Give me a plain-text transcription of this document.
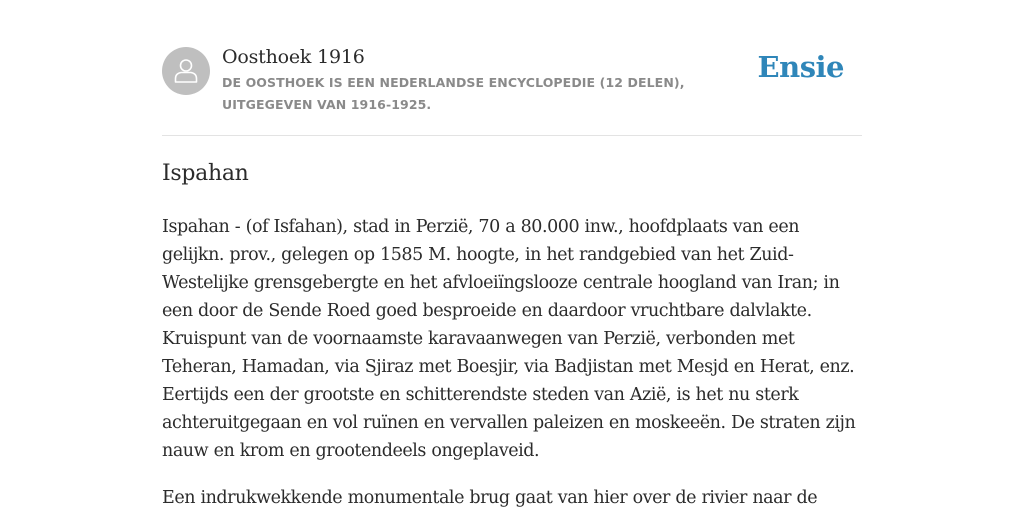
Oosthoek 1916
DE OOSTHOEK IS EEN NEDERLANDSE ENCYCLOPEDIE (12 DELEN), UITGEGEVEN VAN 1916-1925.
Ensie
Ispahan

Ispahan - (of Isfahan), stad in Perzië, 70 a 80.000 inw., hoofdplaats van een gelijkn. prov., gelegen op 1585 M. hoogte, in het randgebied van het Zuid-Westelijke grensgebergte en het afvloeiïngslooze centrale hoogland van Iran; in een door de Sende Roed goed besproeide en daardoor vruchtbare dalvlakte. Kruispunt van de voornaamste karavaanwegen van Perzië, verbonden met Teheran, Hamadan, via Sjiraz met Boesjir, via Badjistan met Mesjd en Herat, enz. Eertijds een der grootste en schitterendste steden van Azië, is het nu sterk achteruitgegaan en vol ruïnen en vervallen paleizen en moskeeën. De straten zijn nauw en krom en grootendeels ongeplaveid.

Een indrukwekkende monumentale brug gaat van hier over de rivier naar de
